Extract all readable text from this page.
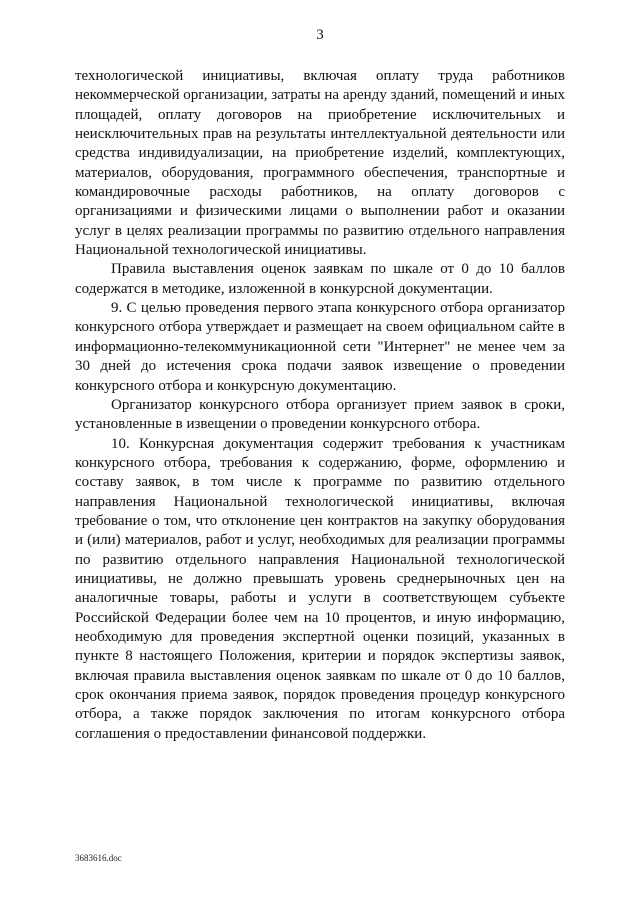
3

технологической инициативы, включая оплату труда работников некоммерческой организации, затраты на аренду зданий, помещений и иных площадей, оплату договоров на приобретение исключительных и неисключительных прав на результаты интеллектуальной деятельности или средства индивидуализации, на приобретение изделий, комплектующих, материалов, оборудования, программного обеспечения, транспортные и командировочные расходы работников, на оплату договоров с организациями и физическими лицами о выполнении работ и оказании услуг в целях реализации программы по развитию отдельного направления Национальной технологической инициативы.

Правила выставления оценок заявкам по шкале от 0 до 10 баллов содержатся в методике, изложенной в конкурсной документации.

9. С целью проведения первого этапа конкурсного отбора организатор конкурсного отбора утверждает и размещает на своем официальном сайте в информационно-телекоммуникационной сети "Интернет" не менее чем за 30 дней до истечения срока подачи заявок извещение о проведении конкурсного отбора и конкурсную документацию.

Организатор конкурсного отбора организует прием заявок в сроки, установленные в извещении о проведении конкурсного отбора.

10. Конкурсная документация содержит требования к участникам конкурсного отбора, требования к содержанию, форме, оформлению и составу заявок, в том числе к программе по развитию отдельного направления Национальной технологической инициативы, включая требование о том, что отклонение цен контрактов на закупку оборудования и (или) материалов, работ и услуг, необходимых для реализации программы по развитию отдельного направления Национальной технологической инициативы, не должно превышать уровень среднерыночных цен на аналогичные товары, работы и услуги в соответствующем субъекте Российской Федерации более чем на 10 процентов, и иную информацию, необходимую для проведения экспертной оценки позиций, указанных в пункте 8 настоящего Положения, критерии и порядок экспертизы заявок, включая правила выставления оценок заявкам по шкале от 0 до 10 баллов, срок окончания приема заявок, порядок проведения процедур конкурсного отбора, а также порядок заключения по итогам конкурсного отбора соглашения о предоставлении финансовой поддержки.

3683616.doc
